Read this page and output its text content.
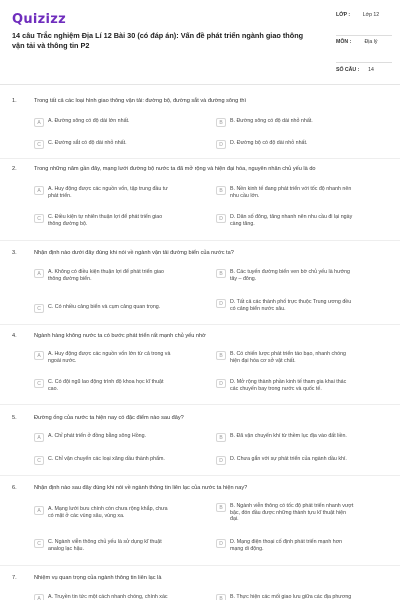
Quizizz
14 câu Trắc nghiệm Địa Lí 12 Bài 30 (có đáp án): Vấn đề phát triển ngành giao thông vận tải và thông tin P2
LỚP :	Lớp 12
MÔN :	Địa lý
SỐ CÂU :	14
1.	Trong tất cả các loại hình giao thông vận tải: đường bộ, đường sắt và đường sông thì
A	A. Đường sông có độ dài lớn nhất.	B	B. Đường sông có độ dài nhỏ nhất.
C	C. Đường sắt có độ dài nhỏ nhất.	D	D. Đường bộ có độ dài nhỏ nhất.
2.	Trong những năm gần đây, mạng lưới đường bộ nước ta đã mở rộng và hiện đại hóa, nguyên nhân chủ yếu là do
A	A. Huy động được các nguồn vốn, tập trung đầu tư phát triển.
B	B. Nền kinh tế đang phát triển với tốc độ nhanh nên nhu cầu lớn.
C	C. Điều kiện tự nhiên thuận lợi để phát triển giao thông đường bộ.
D	D. Dân số đông, tăng nhanh nên nhu cầu đi lại ngày càng tăng.
3.	Nhận định nào dưới đây đúng khi nói về ngành vận tải đường biển của nước ta?
A	A. Không có điều kiện thuận lợi để phát triển giao thông đường biển.
B	B. Các tuyến đường biển ven bờ chủ yếu là hướng tây – đông.
C	C. Có nhiều cảng biển và cụm cảng quan trọng.	D	D. Tất cả các thành phố trực thuộc Trung ương đều có cảng biển nước sâu.
4.	Ngành hàng không nước ta có bước phát triển rất mạnh chủ yếu nhờ
A	A. Huy động được các nguồn vốn lớn từ cả trong và ngoài nước.
B	B. Có chiến lược phát triển táo bạo, nhanh chóng hiện đại hóa cơ sở vật chất.
C	C. Có đội ngũ lao động trình độ khoa học kĩ thuật cao.
D	D. Mở rộng thành phần kinh tế tham gia khai thác các chuyến bay trong nước và quốc tế.
5.	Đường ống của nước ta hiện nay có đặc điểm nào sau đây?
A	A. Chỉ phát triển ở đồng bằng sông Hồng.	B	B. Đã vận chuyển khí từ thềm lục địa vào đất liền.
C	C. Chỉ vận chuyển các loại xăng dầu thành phẩm.	D	D. Chưa gắn với sự phát triển của ngành dầu khí.
6.	Nhận định nào sau đây đúng khi nói về ngành thông tin liên lạc của nước ta hiện nay?
A	A. Mạng lưới bưu chính còn chưa rộng khắp, chưa có mặt ở các vùng sâu, vùng xa.
B	B. Ngành viễn thông có tốc độ phát triển nhanh vượt bậc, đón đầu được những thành tựu kĩ thuật hiện đại.
C	C. Ngành viễn thông chủ yếu là sử dụng kĩ thuật analog lạc hậu.
D	D. Mạng điện thoại cố định phát triển mạnh hơn mạng di động.
7.	Nhiệm vụ quan trọng của ngành thông tin liên lạc là
A	A. Truyền tin tức một cách nhanh chóng, chính xác	B	B. Thực hiện các mối giao lưu giữa các địa phương
